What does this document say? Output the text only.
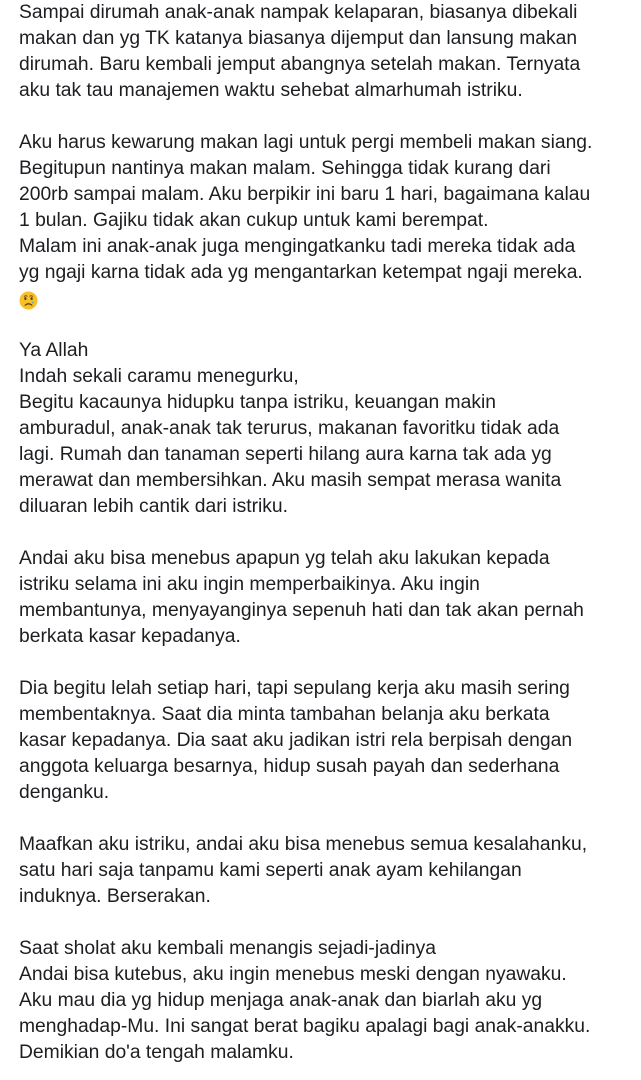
Sampai dirumah anak-anak nampak kelaparan, biasanya dibekali
makan dan yg TK katanya biasanya dijemput dan lansung makan
dirumah. Baru kembali jemput abangnya setelah makan. Ternyata
aku tak tau manajemen waktu sehebat almarhumah istriku.
Aku harus kewarung makan lagi untuk pergi membeli makan siang.
Begitupun nantinya makan malam. Sehingga tidak kurang dari
200rb sampai malam. Aku berpikir ini baru 1 hari, bagaimana kalau
1 bulan. Gajiku tidak akan cukup untuk kami berempat.
Malam ini anak-anak juga mengingatkanku tadi mereka tidak ada
yg ngaji karna tidak ada yg mengantarkan ketempat ngaji mereka.
Ya Allah
Indah sekali caramu menegurku,
Begitu kacaunya hidupku tanpa istriku, keuangan makin
amburadul, anak-anak tak terurus, makanan favoritku tidak ada
lagi. Rumah dan tanaman seperti hilang aura karna tak ada yg
merawat dan membersihkan. Aku masih sempat merasa wanita
diluaran lebih cantik dari istriku.
Andai aku bisa menebus apapun yg telah aku lakukan kepada
istriku selama ini aku ingin memperbaikinya. Aku ingin
membantunya, menyayanginya sepenuh hati dan tak akan pernah
berkata kasar kepadanya.
Dia begitu lelah setiap hari, tapi sepulang kerja aku masih sering
membentaknya. Saat dia minta tambahan belanja aku berkata
kasar kepadanya. Dia saat aku jadikan istri rela berpisah dengan
anggota keluarga besarnya, hidup susah payah dan sederhana
denganku.
Maafkan aku istriku, andai aku bisa menebus semua kesalahanku,
satu hari saja tanpamu kami seperti anak ayam kehilangan
induknya. Berserakan.
Saat sholat aku kembali menangis sejadi-jadinya
Andai bisa kutebus, aku ingin menebus meski dengan nyawaku.
Aku mau dia yg hidup menjaga anak-anak dan biarlah aku yg
menghadap-Mu. Ini sangat berat bagiku apalagi bagi anak-anakku.
Demikian do'a tengah malamku.
